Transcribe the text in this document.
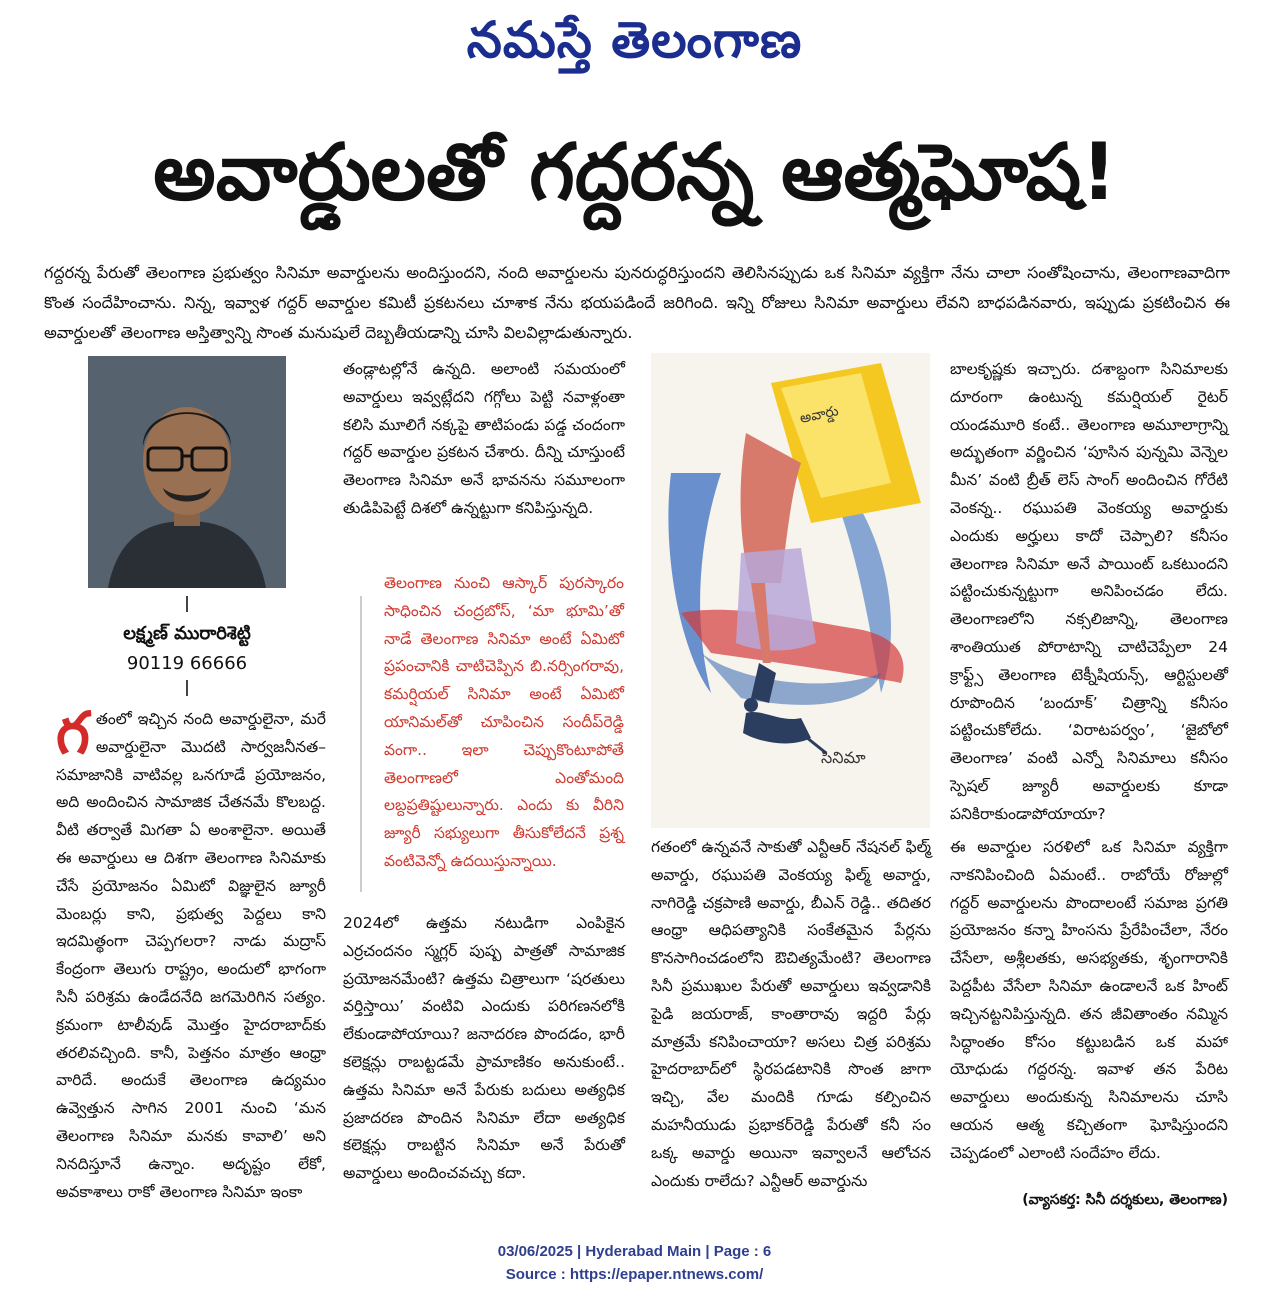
నమస్తే తెలంగాణ
అవార్డులతో గద్దరన్న ఆత్మఘోష!
గద్దరన్న పేరుతో తెలంగాణ ప్రభుత్వం సినిమా అవార్డులను అందిస్తుందని, నంది అవార్డులను పునరుద్ధరిస్తుందని తెలిసినప్పుడు ఒక సినిమా వ్యక్తిగా నేను చాలా సంతోషించాను, తెలంగాణవాదిగా కొంత సందేహించాను. నిన్న, ఇవ్వాళ గద్దర్ అవార్డుల కమిటీ ప్రకటనలు చూశాక నేను భయపడిందే జరిగింది. ఇన్ని రోజులు సినిమా అవార్డులు లేవని బాధపడినవారు, ఇప్పుడు ప్రకటించిన ఈ అవార్డులతో తెలంగాణ అస్తిత్వాన్ని సొంత మనుషులే దెబ్బతీయడాన్ని చూసి విలవిల్లాడుతున్నారు.
లక్ష్మణ్ మురారిశెట్టి
90119 66666

గతంలో ఇచ్చిన నంది అవార్డులైనా, మరే అవార్డులైనా మొదటి సార్వజనీనత– సమాజానికి వాటివల్ల ఒనగూడే ప్రయోజనం, అది అందించిన సామాజిక చేతనమే కొలబద్ద. వీటి తర్వాతే మిగతా ఏ అంశాలైనా. అయితే ఈ అవార్డులు ఆ దిశగా తెలంగాణ సినిమాకు చేసే ప్రయోజనం ఏమిటో విజ్ఞులైన జ్యూరీ మెంబర్లు కాని, ప్రభుత్వ పెద్దలు కాని ఇదమిత్థంగా చెప్పగలరా? నాడు మద్రాస్ కేంద్రంగా తెలుగు రాష్ట్రం, అందులో భాగంగా సినీ పరిశ్రమ ఉండేదనేది జగమెరిగిన సత్యం. క్రమంగా టాలీవుడ్ మొత్తం హైదరాబాద్‌కు తరలివచ్చింది. కానీ, పెత్తనం మాత్రం ఆంధ్రా వారిదే. అందుకే తెలంగాణ ఉద్యమం ఉవ్వెత్తున సాగిన 2001 నుంచి ‘మన తెలంగాణ సినిమా మనకు కావాలి’ అని నినదిస్తూనే ఉన్నాం. అదృష్టం లేకో, అవకాశాలు రాకో తెలంగాణ సినిమా ఇంకా

తండ్లాటల్లోనే ఉన్నది. అలాంటి సమయంలో అవార్డులు ఇవ్వట్లేదని గగ్గోలు పెట్టి నవాళ్లంతా కలిసి మూలిగే నక్కపై తాటిపండు పడ్డ చందంగా గద్దర్ అవార్డుల ప్రకటన చేశారు. దీన్ని చూస్తుంటే తెలంగాణ సినిమా అనే భావనను సమూలంగా తుడిపిపెట్టే దిశలో ఉన్నట్టుగా కనిపిస్తున్నది.

తెలంగాణ నుంచి ఆస్కార్ పురస్కారం సాధించిన చంద్రబోస్, ‘మా భూమి’తో నాడే తెలంగాణ సినిమా అంటే ఏమిటో ప్రపంచానికి చాటిచెప్పిన బి.నర్సింగరావు, కమర్షియల్ సినిమా అంటే ఏమిటో యానిమల్‌తో చూపించిన సందీప్‌రెడ్డి వంగా.. ఇలా చెప్పుకొంటూపోతే తెలంగాణలో ఎంతోమంది లబ్దప్రతిష్టులున్నారు. ఎందు కు వీరిని జ్యూరీ సభ్యులుగా తీసుకోలేదనే ప్రశ్న వంటివెన్నో ఉదయిస్తున్నాయి.

2024లో ఉత్తమ నటుడిగా ఎంపికైన ఎర్రచందనం స్మగ్లర్ పుష్ప పాత్రతో సామాజిక ప్రయోజనమేంటి? ఉత్తమ చిత్రాలుగా ‘షరతులు వర్తిస్తాయి’ వంటివి ఎందుకు పరిగణనలోకి లేకుండాపోయాయి? జనాదరణ పొందడం, భారీ కలెక్షన్లు రాబట్టడమే ప్రామాణికం అనుకుంటే.. ఉత్తమ సినిమా అనే పేరుకు బదులు అత్యధిక ప్రజాదరణ పొందిన సినిమా లేదా అత్యధిక కలెక్షన్లు రాబట్టిన సినిమా అనే పేరుతో అవార్డులు అందించవచ్చు కదా.

అవార్డు
సినిమా

గతంలో ఉన్నవనే సాకుతో ఎన్టీఆర్ నేషనల్ ఫిల్మ్ అవార్డు, రఘుపతి వెంకయ్య ఫిల్మ్ అవార్డు, నాగిరెడ్డి చక్రపాణి అవార్డు, బీఎన్ రెడ్డి.. తదితర ఆంధ్రా ఆధిపత్యానికి సంకేతమైన పేర్లను కొనసాగించడంలోని ఔచిత్యమేంటి? తెలంగాణ సినీ ప్రముఖుల పేరుతో అవార్డులు ఇవ్వడానికి పైడి జయరాజ్, కాంతారావు ఇద్దరి పేర్లు మాత్రమే కనిపించాయా? అసలు చిత్ర పరిశ్రమ హైదరాబాద్‌లో స్థిరపడటానికి సొంత జాగా ఇచ్చి, వేల మందికి గూడు కల్పించిన మహనీయుడు ప్రభాకర్‌రెడ్డి పేరుతో కనీ సం ఒక్క అవార్డు అయినా ఇవ్వాలనే ఆలోచన ఎందుకు రాలేదు? ఎన్టీఆర్ అవార్డును

బాలకృష్ణకు ఇచ్చారు. దశాబ్దంగా సినిమాలకు దూరంగా ఉంటున్న కమర్షియల్ రైటర్ యండమూరి కంటే.. తెలంగాణ అమూలాగ్రాన్ని అద్భుతంగా వర్ణించిన ‘పూసిన పున్నమి వెన్నెల మీన’ వంటి బ్రీత్ లెస్ సాంగ్ అందించిన గోరేటి వెంకన్న.. రఘుపతి వెంకయ్య అవార్డుకు ఎందుకు అర్హులు కాదో చెప్పాలి? కనీసం తెలంగాణ సినిమా అనే పాయింట్ ఒకటుందని పట్టించుకున్నట్టుగా అనిపించడం లేదు. తెలంగాణలోని నక్సలిజాన్ని, తెలంగాణ శాంతియుత పోరాటాన్ని చాటిచెప్పేలా 24 క్రాఫ్ట్స్ తెలంగాణ టెక్నీషియన్స్, ఆర్టిస్టులతో రూపొందిన ‘బందూక్’ చిత్రాన్ని కనీసం పట్టించుకోలేదు. ‘విరాటపర్వం’, ‘జైబోలో తెలంగాణ’ వంటి ఎన్నో సినిమాలు కనీసం స్పెషల్ జ్యూరీ అవార్డులకు కూడా పనికిరాకుండాపోయాయా?

ఈ అవార్డుల సరళిలో ఒక సినిమా వ్యక్తిగా నాకనిపించింది ఏమంటే.. రాబోయే రోజుల్లో గద్దర్ అవార్డులను పొందాలంటే సమాజ ప్రగతి ప్రయోజనం కన్నా హింసను ప్రేరేపించేలా, నేరం చేసేలా, అశ్లీలతకు, అసభ్యతకు, శృంగారానికి పెద్దపీట వేసేలా సినిమా ఉండాలనే ఒక హింట్ ఇచ్చినట్టనిపిస్తున్నది. తన జీవితాంతం నమ్మిన సిద్ధాంతం కోసం కట్టుబడిన ఒక మహా యోధుడు గద్దరన్న. ఇవాళ తన పేరిట అవార్డులు అందుకున్న సినిమాలను చూసి ఆయన ఆత్మ కచ్చితంగా ఘోషిస్తుందని చెప్పడంలో ఎలాంటి సందేహం లేదు.

(వ్యాసకర్త: సినీ దర్శకులు, తెలంగాణ)
03/06/2025 | Hyderabad Main | Page : 6
Source : https://epaper.ntnews.com/
